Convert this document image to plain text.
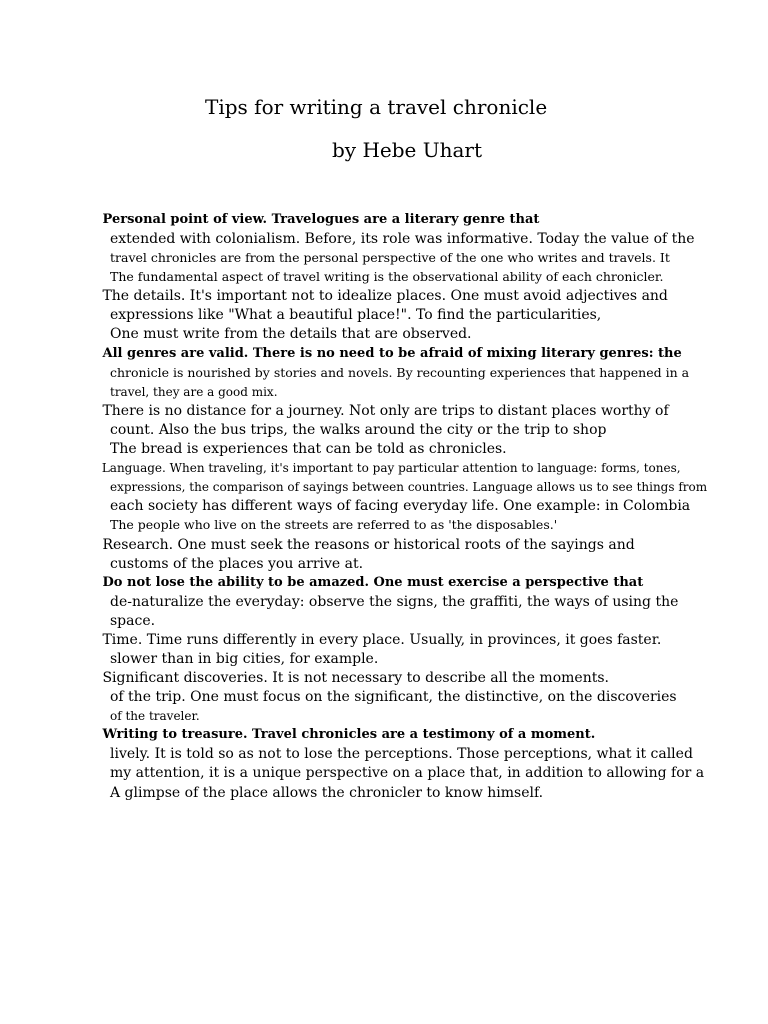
Tips for writing a travel chronicle
by Hebe Uhart
Personal point of view. Travelogues are a literary genre that
extended with colonialism. Before, its role was informative. Today the value of the
travel chronicles are from the personal perspective of the one who writes and travels. It
The fundamental aspect of travel writing is the observational ability of each chronicler.
The details. It's important not to idealize places. One must avoid adjectives and
expressions like "What a beautiful place!". To find the particularities,
One must write from the details that are observed.
All genres are valid. There is no need to be afraid of mixing literary genres: the
chronicle is nourished by stories and novels. By recounting experiences that happened in a
travel, they are a good mix.
There is no distance for a journey. Not only are trips to distant places worthy of
count. Also the bus trips, the walks around the city or the trip to shop
The bread is experiences that can be told as chronicles.
Language. When traveling, it's important to pay particular attention to language: forms, tones,
expressions, the comparison of sayings between countries. Language allows us to see things from
each society has different ways of facing everyday life. One example: in Colombia
The people who live on the streets are referred to as 'the disposables.'
Research. One must seek the reasons or historical roots of the sayings and
customs of the places you arrive at.
Do not lose the ability to be amazed. One must exercise a perspective that
de-naturalize the everyday: observe the signs, the graffiti, the ways of using the
space.
Time. Time runs differently in every place. Usually, in provinces, it goes faster.
slower than in big cities, for example.
Significant discoveries. It is not necessary to describe all the moments.
of the trip. One must focus on the significant, the distinctive, on the discoveries
of the traveler.
Writing to treasure. Travel chronicles are a testimony of a moment.
lively. It is told so as not to lose the perceptions. Those perceptions, what it called
my attention, it is a unique perspective on a place that, in addition to allowing for a
A glimpse of the place allows the chronicler to know himself.
